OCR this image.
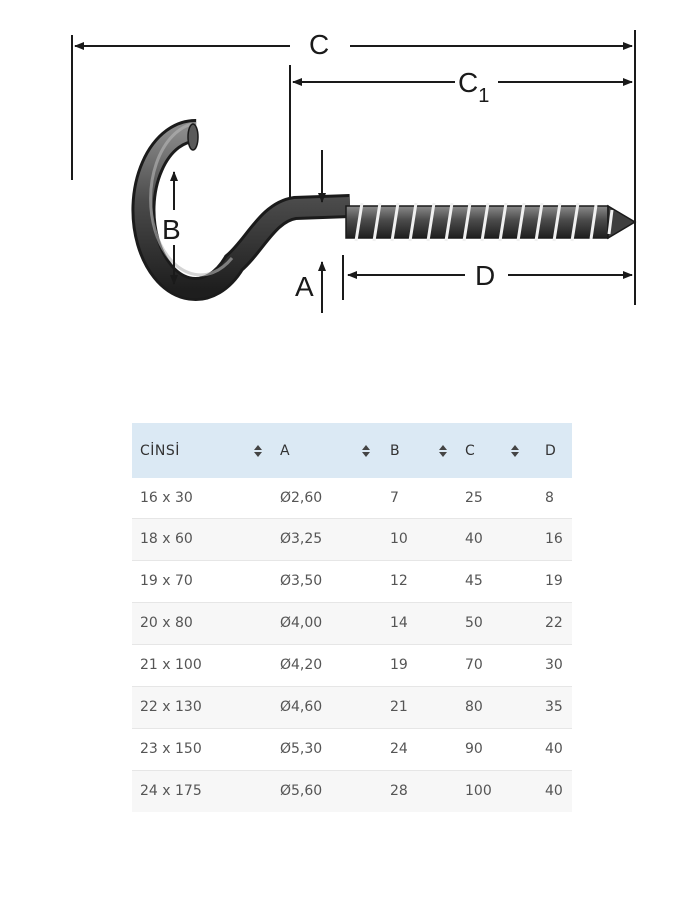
C
$C_1$
B
A	D
CİNSİ	A	B	C	D
16 x 30	Ø2,60	7	25	8
18 x 60	Ø3,25	10	40	16
19 x 70	Ø3,50	12	45	19
20 x 80	Ø4,00	14	50	22
21 x 100	Ø4,20	19	70	30
22 x 130	Ø4,60	21	80	35
23 x 150	Ø5,30	24	90	40
24 x 175	Ø5,60	28	100	40
